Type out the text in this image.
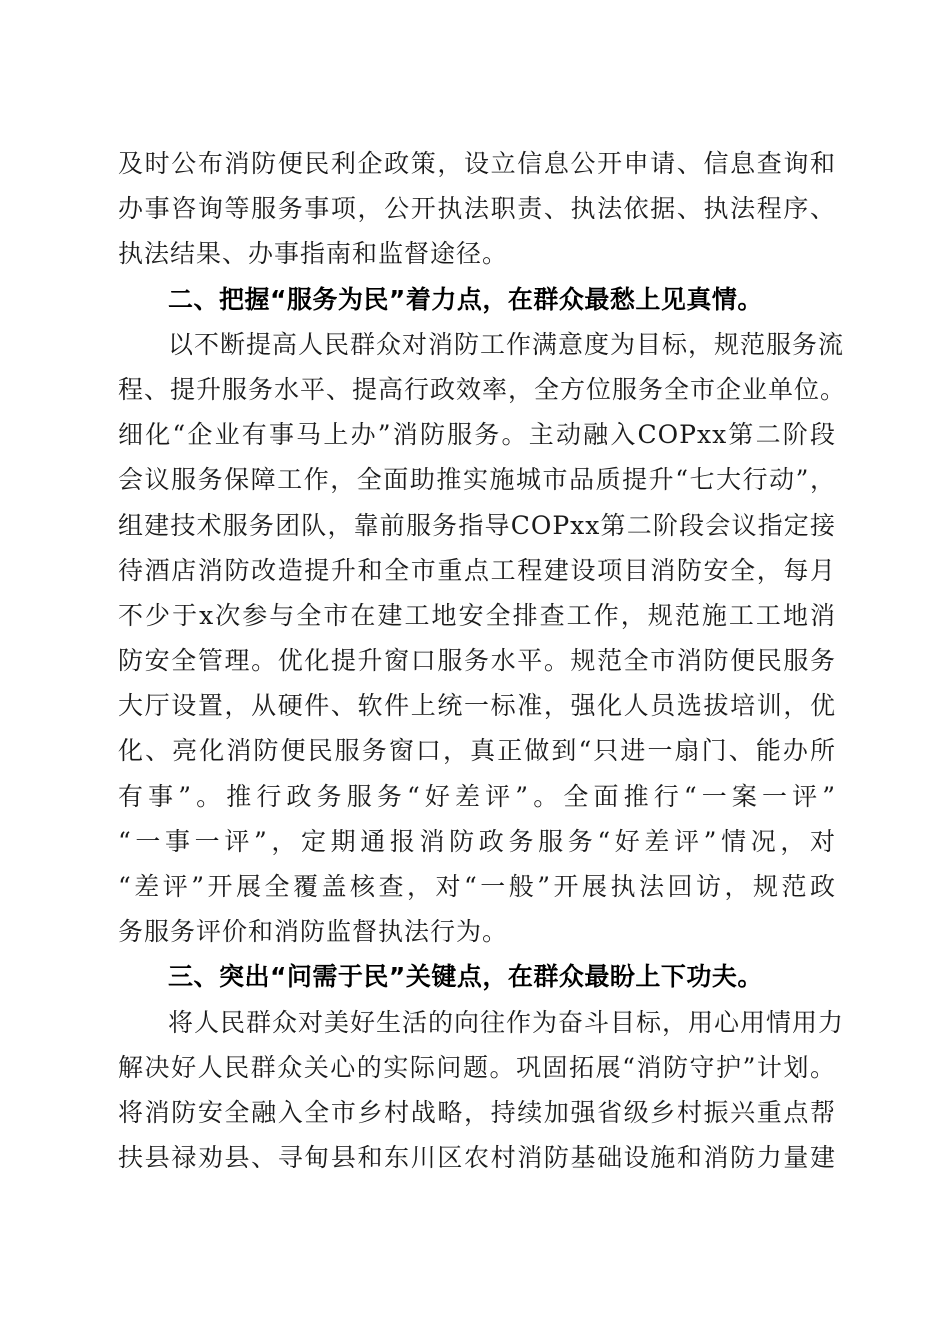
及时公布消防便民利企政策，设立信息公开申请、信息查询和
办事咨询等服务事项，公开执法职责、执法依据、执法程序、
执法结果、办事指南和监督途径。
二、把握“服务为民”着力点，在群众最愁上见真情。
以不断提高人民群众对消防工作满意度为目标，规范服务流
程、提升服务水平、提高行政效率，全方位服务全市企业单位。
细化“企业有事马上办”消防服务。主动融入COPxx第二阶段
会议服务保障工作，全面助推实施城市品质提升“七大行动”，
组建技术服务团队，靠前服务指导COPxx第二阶段会议指定接
待酒店消防改造提升和全市重点工程建设项目消防安全，每月
不少于x次参与全市在建工地安全排查工作，规范施工工地消
防安全管理。优化提升窗口服务水平。规范全市消防便民服务
大厅设置，从硬件、软件上统一标准，强化人员选拔培训，优
化、亮化消防便民服务窗口，真正做到“只进一扇门、能办所
有事”。推行政务服务“好差评”。全面推行“一案一评”
“一事一评”，定期通报消防政务服务“好差评”情况，对
“差评”开展全覆盖核查，对“一般”开展执法回访，规范政
务服务评价和消防监督执法行为。
三、突出“问需于民”关键点，在群众最盼上下功夫。
将人民群众对美好生活的向往作为奋斗目标，用心用情用力
解决好人民群众关心的实际问题。巩固拓展“消防守护”计划。
将消防安全融入全市乡村战略，持续加强省级乡村振兴重点帮
扶县禄劝县、寻甸县和东川区农村消防基础设施和消防力量建
